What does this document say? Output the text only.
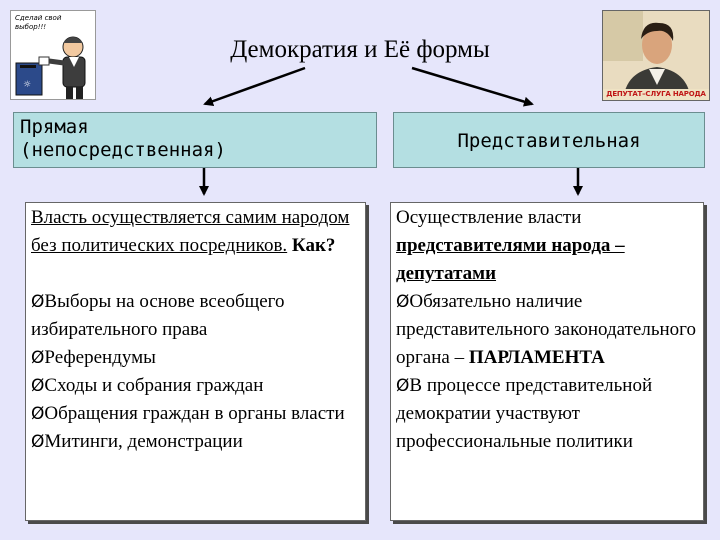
Сделай свой выбор!!!
☼
ДЕПУТАТ–СЛУГА НАРОДА
Демократия и Её формы
Прямая
(непосредственная)	Представительная

Власть осуществляется самим народом без политических посредников. Как?

ØВыборы на основе всеобщего избирательного права

ØРеферендумы

ØСходы и собрания граждан

ØОбращения граждан в органы власти

ØМитинги, демонстрации

Осуществление власти представителями народа – депутатами

ØОбязательно наличие представительного законодательного органа – ПАРЛАМЕНТА

ØВ процессе представительной демократии участвуют профессиональные политики
